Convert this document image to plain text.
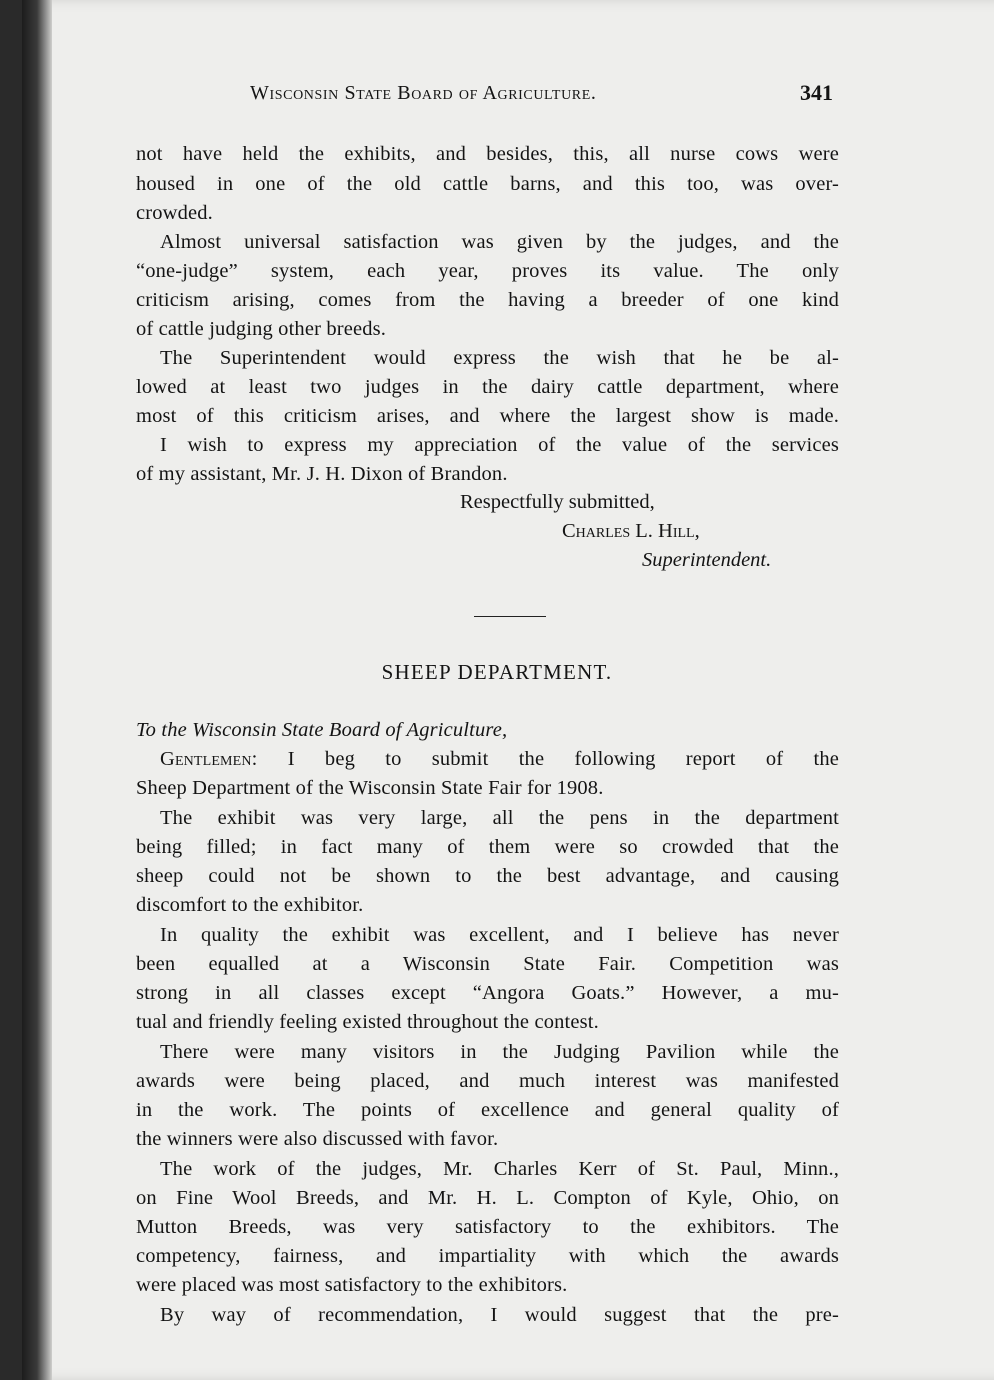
Wisconsin State Board of Agriculture.	341
not have held the exhibits, and besides, this, all nurse cows were
housed in one of the old cattle barns, and this too, was over-
crowded.
Almost universal satisfaction was given by the judges, and the
“one-judge” system, each year, proves its value. The only
criticism arising, comes from the having a breeder of one kind
of cattle judging other breeds.
The Superintendent would express the wish that he be al-
lowed at least two judges in the dairy cattle department, where
most of this criticism arises, and where the largest show is made.
I wish to express my appreciation of the value of the services
of my assistant, Mr. J. H. Dixon of Brandon.
Respectfully submitted,
Charles L. Hill,
Superintendent.
SHEEP DEPARTMENT.
To the Wisconsin State Board of Agriculture,
Gentlemen: I beg to submit the following report of the
Sheep Department of the Wisconsin State Fair for 1908.
The exhibit was very large, all the pens in the department
being filled; in fact many of them were so crowded that the
sheep could not be shown to the best advantage, and causing
discomfort to the exhibitor.
In quality the exhibit was excellent, and I believe has never
been equalled at a Wisconsin State Fair. Competition was
strong in all classes except “Angora Goats.” However, a mu-
tual and friendly feeling existed throughout the contest.
There were many visitors in the Judging Pavilion while the
awards were being placed, and much interest was manifested
in the work. The points of excellence and general quality of
the winners were also discussed with favor.
The work of the judges, Mr. Charles Kerr of St. Paul, Minn.,
on Fine Wool Breeds, and Mr. H. L. Compton of Kyle, Ohio, on
Mutton Breeds, was very satisfactory to the exhibitors. The
competency, fairness, and impartiality with which the awards
were placed was most satisfactory to the exhibitors.
By way of recommendation, I would suggest that the pre-
